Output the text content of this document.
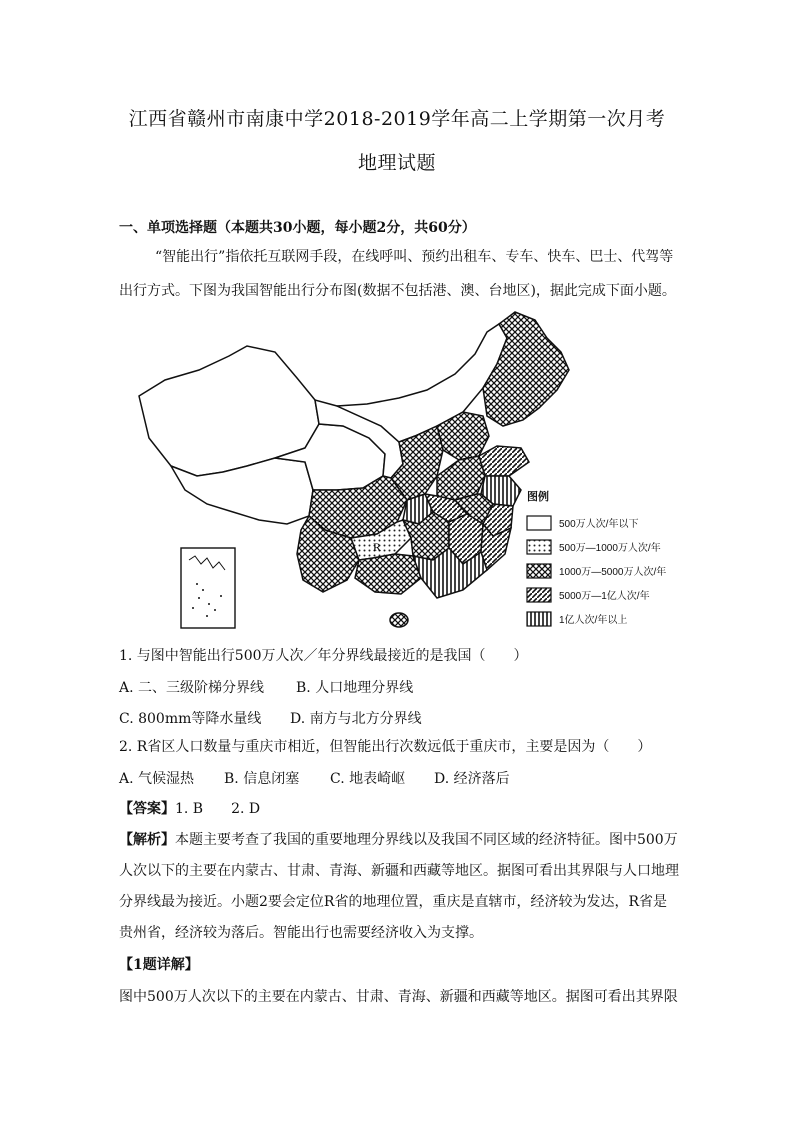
江西省赣州市南康中学2018-2019学年高二上学期第一次月考
地理试题
一、单项选择题（本题共30小题，每小题2分，共60分）
“智能出行”指依托互联网手段，在线呼叫、预约出租车、专车、快车、巴士、代驾等
出行方式。下图为我国智能出行分布图(数据不包括港、澳、台地区)，据此完成下面小题。
R
图例
500万人次/年以下
500万—1000万人次/年
1000万—5000万人次/年
5000万—1亿人次/年
1亿人次/年以上
1. 与图中智能出行500万人次／年分界线最接近的是我国（　　）
A. 二、三级阶梯分界线 B. 人口地理分界线
C. 800mm等降水量线 D. 南方与北方分界线
2. R省区人口数量与重庆市相近，但智能出行次数远低于重庆市，主要是因为（　　）
A. 气候湿热 B. 信息闭塞 C. 地表崎岖 D. 经济落后
【答案】1. B　　2. D
【解析】本题主要考查了我国的重要地理分界线以及我国不同区域的经济特征。图中500万
人次以下的主要在内蒙古、甘肃、青海、新疆和西藏等地区。据图可看出其界限与人口地理
分界线最为接近。小题2要会定位R省的地理位置，重庆是直辖市，经济较为发达，R省是
贵州省，经济较为落后。智能出行也需要经济收入为支撑。
【1题详解】
图中500万人次以下的主要在内蒙古、甘肃、青海、新疆和西藏等地区。据图可看出其界限
